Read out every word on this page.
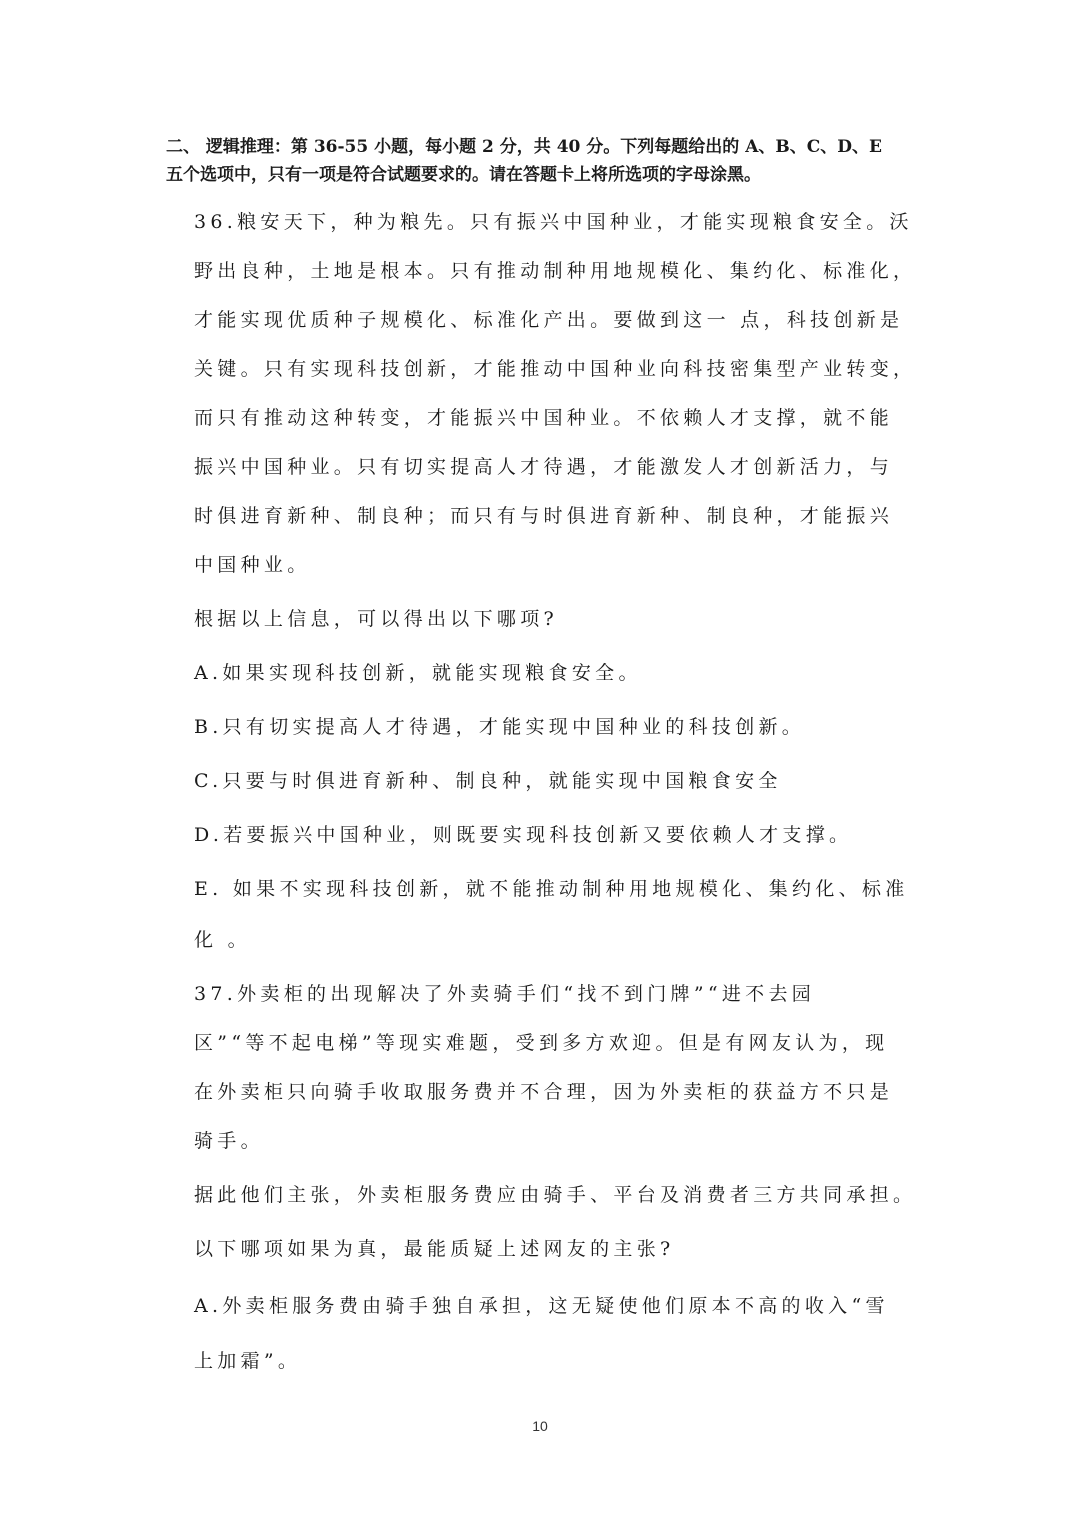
二、 逻辑推理：第 36-55 小题，每小题 2 分，共 40 分。下列每题给出的 A、B、C、D、E
五个选项中，只有一项是符合试题要求的。请在答题卡上将所选项的字母涂黑。
36.粮安天下，种为粮先。只有振兴中国种业，才能实现粮食安全。沃
野出良种，土地是根本。只有推动制种用地规模化、集约化、标准化，
才能实现优质种子规模化、标准化产出。要做到这一 点，科技创新是
关键。只有实现科技创新，才能推动中国种业向科技密集型产业转变，
而只有推动这种转变，才能振兴中国种业。不依赖人才支撑，就不能
振兴中国种业。只有切实提高人才待遇，才能激发人才创新活力，与
时俱进育新种、制良种；而只有与时俱进育新种、制良种，才能振兴
中国种业。
根据以上信息，可以得出以下哪项?
A.如果实现科技创新，就能实现粮食安全。
B.只有切实提高人才待遇，才能实现中国种业的科技创新。
C.只要与时俱进育新种、制良种，就能实现中国粮食安全
D.若要振兴中国种业，则既要实现科技创新又要依赖人才支撑。
E. 如果不实现科技创新，就不能推动制种用地规模化、集约化、标准
化 。
37.外卖柜的出现解决了外卖骑手们“找不到门牌”“进不去园
区”“等不起电梯”等现实难题，受到多方欢迎。但是有网友认为，现
在外卖柜只向骑手收取服务费并不合理，因为外卖柜的获益方不只是
骑手。
据此他们主张，外卖柜服务费应由骑手、平台及消费者三方共同承担。
以下哪项如果为真，最能质疑上述网友的主张?
A.外卖柜服务费由骑手独自承担，这无疑使他们原本不高的收入“雪
上加霜”。
10
